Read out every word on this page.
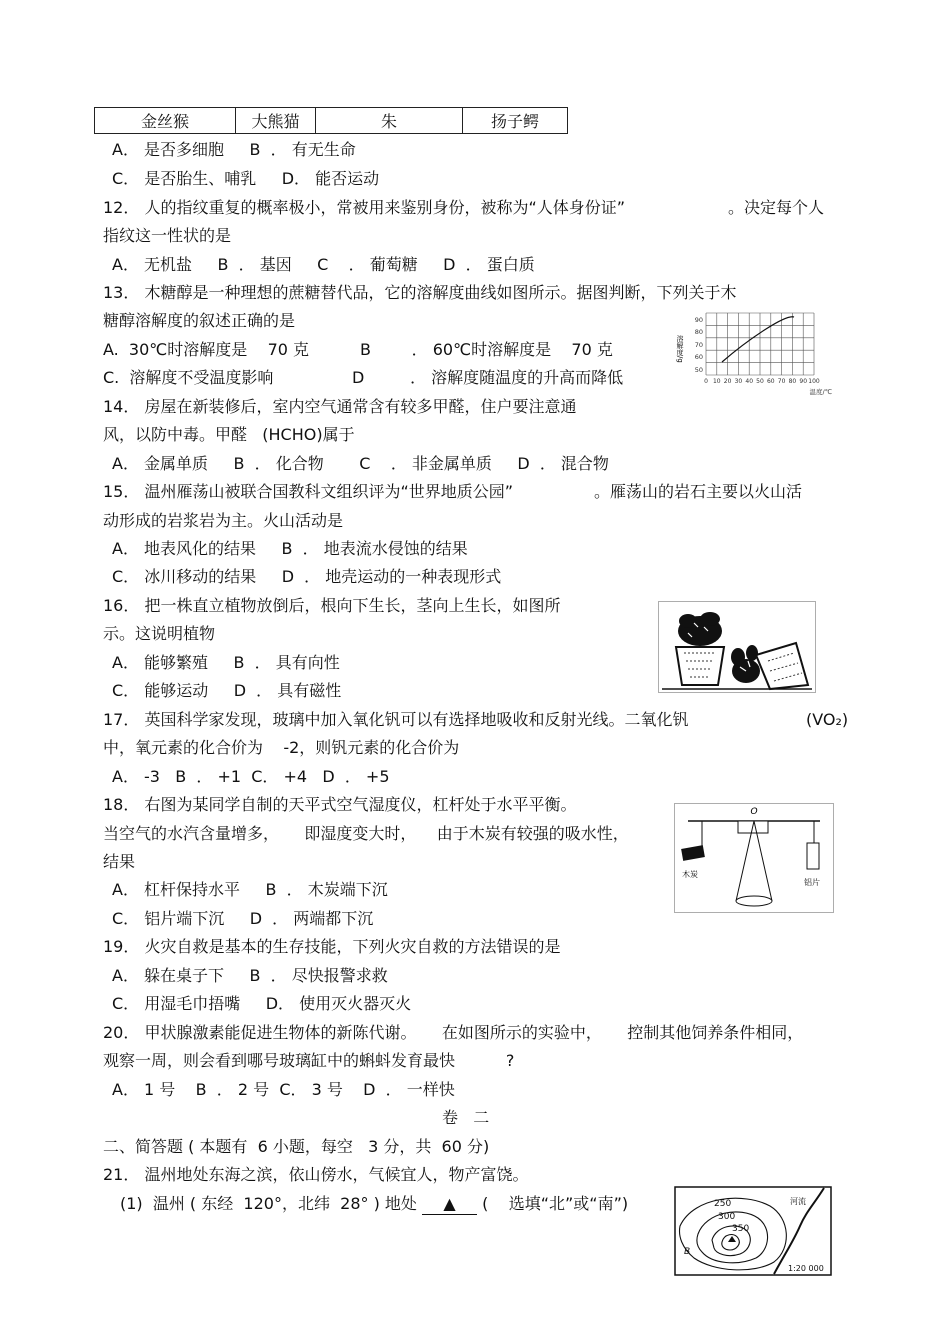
金丝猴	大熊猫	朱	扬子鳄
A． 是否多细胞     B  ． 有无生命
C． 是否胎生、哺乳     D． 能否运动
12． 人的指纹重复的概率极小，常被用来鉴别身份，被称为“人体身份证”	。决定每个人
指纹这一性状的是
A． 无机盐     B  ． 基因     C    ． 葡萄糖     D  ． 蛋白质
13． 木糖醇是一种理想的蔗糖替代品，它的溶解度曲线如图所示。据图判断，下列关于木
糖醇溶解度的叙述正确的是
A.  30℃时溶解度是    70 克	B        ． 60℃时溶解度是    70 克
C.  溶解度不受温度影响	D         ． 溶解度随温度的升高而降低
溶解度/g
90
80
70
60
50
0 10 20 30 40 50 60 70 80 90 100
温度/℃
14． 房屋在新装修后，室内空气通常含有较多甲醛，住户要注意通
风，以防中毒。甲醛   (HCHO)属于
A． 金属单质     B  ． 化合物       C    ． 非金属单质     D  ． 混合物
15． 温州雁荡山被联合国教科文组织评为“世界地质公园”	。雁荡山的岩石主要以火山活
动形成的岩浆岩为主。火山活动是
A． 地表风化的结果     B  ． 地表流水侵蚀的结果
C． 冰川移动的结果     D  ． 地壳运动的一种表现形式
16． 把一株直立植物放倒后，根向下生长，茎向上生长，如图所
示。这说明植物
A． 能够繁殖     B  ． 具有向性
C． 能够运动     D  ． 具有磁性
17． 英国科学家发现，玻璃中加入氧化钒可以有选择地吸收和反射光线。二氧化钒	(VO₂)
中，氧元素的化合价为    -2，则钒元素的化合价为
A． -3   B  ． +1  C． +4   D  ． +5
18． 右图为某同学自制的天平式空气湿度仪，杠杆处于水平平衡。
当空气的水汽含量增多，     即湿度变大时，    由于木炭有较强的吸水性，
结果
A． 杠杆保持水平     B  ． 木炭端下沉
C． 铝片端下沉     D  ． 两端都下沉
O
木炭
铝片
19． 火灾自救是基本的生存技能，下列火灾自救的方法错误的是
A． 躲在桌子下     B  ． 尽快报警求救
C． 用湿毛巾捂嘴     D． 使用灭火器灭火
20． 甲状腺激素能促进生物体的新陈代谢。     在如图所示的实验中，     控制其他饲养条件相同，
观察一周，则会看到哪号玻璃缸中的蝌蚪发育最快          ?
A． 1 号    B  ． 2 号  C． 3 号    D  ． 一样快
卷   二
二、简答题 ( 本题有  6 小题，每空   3 分，共  60 分)
21． 温州地处东海之滨，依山傍水，气候宜人，物产富饶。
(1)  温州 ( 东经  120°，北纬  28° ) 地处 ▲ (    选填“北”或“南”)	250
300
350
河流
B
1:20 000
